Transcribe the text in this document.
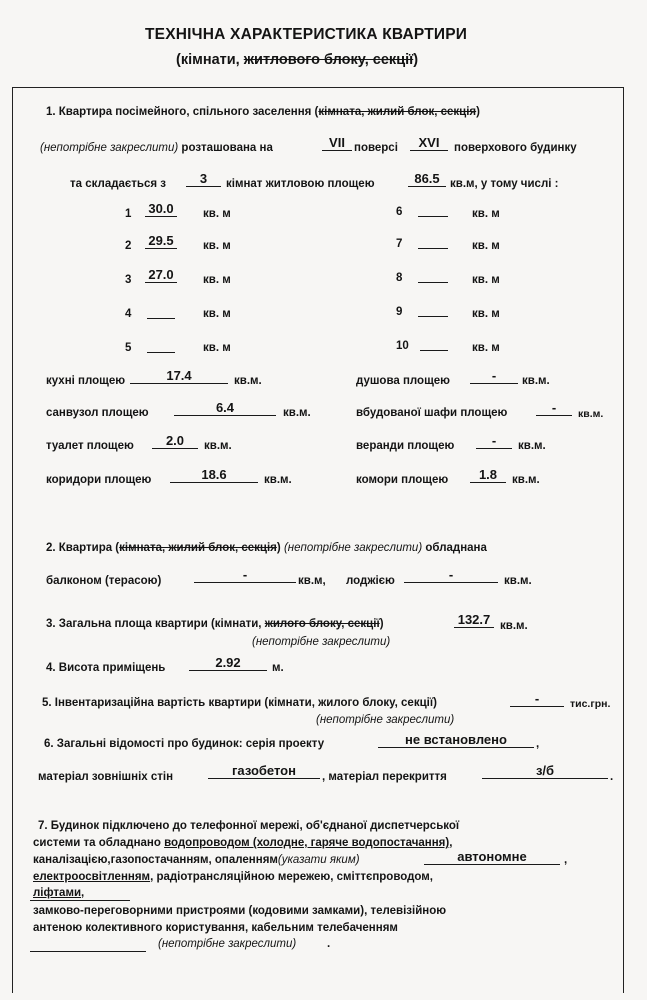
ТЕХНІЧНА ХАРАКТЕРИСТИКА КВАРТИРИ
(кімнати, житлового блоку, секції)
1. Квартира посімейного, спільного заселення (кімната, жилий блок, секція)
(непотрібне закреслити) розташована на	VII поверсі	XVI	поверхового будинку
та складається з	3	кімнат житловою площею	86.5 кв.м, у тому числі :
1 30.0	кв. м
2 29.5	кв. м
3 27.0	кв. м
4	кв. м
5	кв. м
6	кв. м
7	кв. м
8	кв. м
9	кв. м
10	кв. м
кухні площею	17.4	кв.м.	душова площею	-	кв.м.
санвузол площею	6.4	кв.м.	вбудованої шафи площею	-	кв.м.
туалет площею	2.0	кв.м.	веранди площею	-	кв.м.
коридори площею	18.6	кв.м.	комори площею	1.8	кв.м.
2. Квартира (кімната, жилий блок, секція) (непотрібне закреслити) обладнана
балконом (терасою)	-	кв.м, лоджією	-	кв.м.
3. Загальна площа квартири (кімнати, жилого блоку, секції)	132.7 кв.м.
(непотрібне закреслити)
4. Висота приміщень	2.92	м.
5. Інвентаризаційна вартість квартири (кімнати, жилого блоку, секції)	-	тис.грн.
(непотрібне закреслити)
6. Загальні відомості про будинок: серія проекту	не встановлено	,
матеріал зовнішніх стін	газобетон	, матеріал перекриття	з/б	.
7. Будинок підключено до телефонної мережі, об'єднаної диспетчерської
системи та обладнано водопроводом (холодне, гаряче водопостачання),
каналізацією,газопостачанням, опаленням(указати яким)	автономне	,
електроосвітленням, радіотрансляційною мережею, сміттєпроводом,
ліфтами,
замково-переговорними пристроями (кодовими замками), телевізійною
антеною колективного користування, кабельним телебаченням
(непотрібне закреслити)	.
